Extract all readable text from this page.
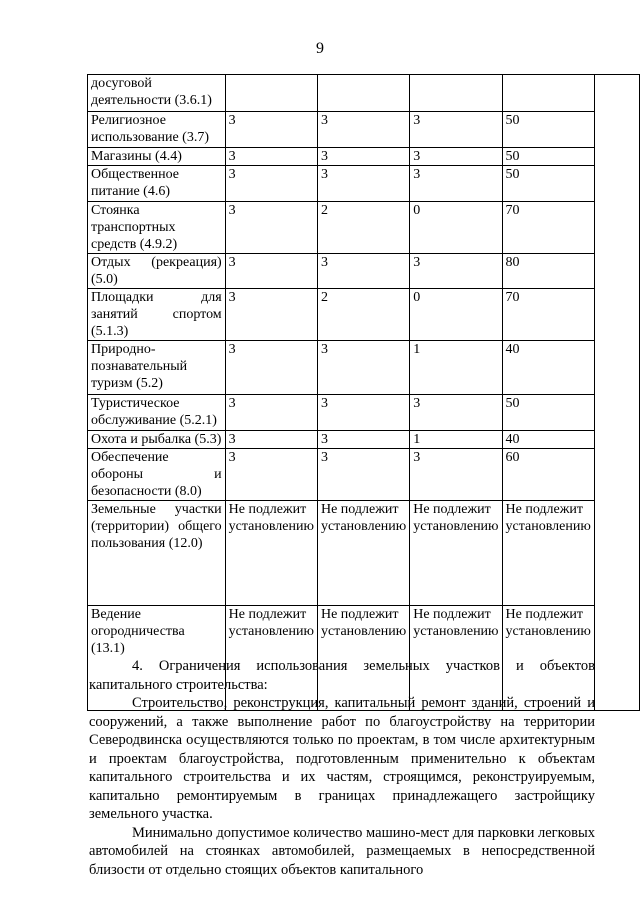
9
досуговой деятельности (3.6.1)					
Религиозное использование (3.7)	3	3	3	50	
Магазины (4.4)	3	3	3	50	
Общественное питание (4.6)	3	3	3	50	
Стоянка транспортных средств (4.9.2)	3	2	0	70	
Отдых (рекреация) (5.0)	3	3	3	80	
Площадки для занятий спортом (5.1.3)	3	2	0	70	
Природно-познавательный туризм (5.2)	3	3	1	40	
Туристическое обслуживание (5.2.1)	3	3	3	50	
Охота и рыбалка (5.3)	3	3	1	40	
Обеспечение обороны и безопасности (8.0)	3	3	3	60	
Земельные участки (территории) общего пользования (12.0)	Не подлежит установлению	Не подлежит установлению	Не подлежит установлению	Не подлежит установлению	
Ведение огородничества (13.1)	Не подлежит установлению	Не подлежит установлению	Не подлежит установлению	Не подлежит установлению	

4. Ограничения использования земельных участков и объектов капитального строительства:

Строительство, реконструкция, капитальный ремонт зданий, строений и сооружений, а также выполнение работ по благоустройству на территории Северодвинска осуществляются только по проектам, в том числе архитектурным и проектам благоустройства, подготовленным применительно к объектам капитального строительства и их частям, строящимся, реконструируемым, капитально ремонтируемым в границах принадлежащего застройщику земельного участка.

Минимально допустимое количество машино-мест для парковки легковых автомобилей на стоянках автомобилей, размещаемых в непосредственной близости от отдельно стоящих объектов капитального
